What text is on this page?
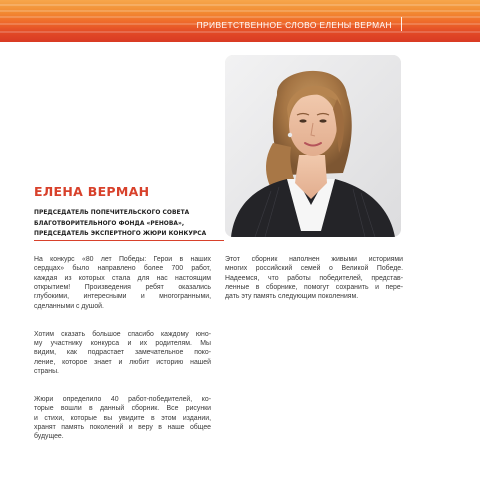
ПРИВЕТСТВЕННОЕ СЛОВО ЕЛЕНЫ ВЕРМАН
ЕЛЕНА ВЕРМАН
ПРЕДСЕДАТЕЛЬ ПОПЕЧИТЕЛЬСКОГО СОВЕТА
БЛАГОТВОРИТЕЛЬНОГО ФОНДА «РЕНОВА»,
ПРЕДСЕДАТЕЛЬ ЭКСПЕРТНОГО ЖЮРИ КОНКУРСА
На конкурс «80 лет Победы: Герои в наших
сердцах» было направлено более 700 работ,
каждая из которых стала для нас настоящим
открытием! Произведения ребят оказались
глубокими, интересными и многогранными,
сделанными с душой.
Хотим сказать большое спасибо каждому юно-
му участнику конкурса и их родителям. Мы
видим, как подрастает замечательное поко-
ление, которое знает и любит историю нашей
страны.
Жюри определило 40 работ-победителей, ко-
торые вошли в данный сборник. Все рисунки
и стихи, которые вы увидите в этом издании,
хранят память поколений и веру в наше общее
будущее.
Этот сборник наполнен живыми историями
многих российский семей о Великой Победе.
Надеемся, что работы победителей, представ-
ленные в сборнике, помогут сохранить и пере-
дать эту память следующим поколениям.
